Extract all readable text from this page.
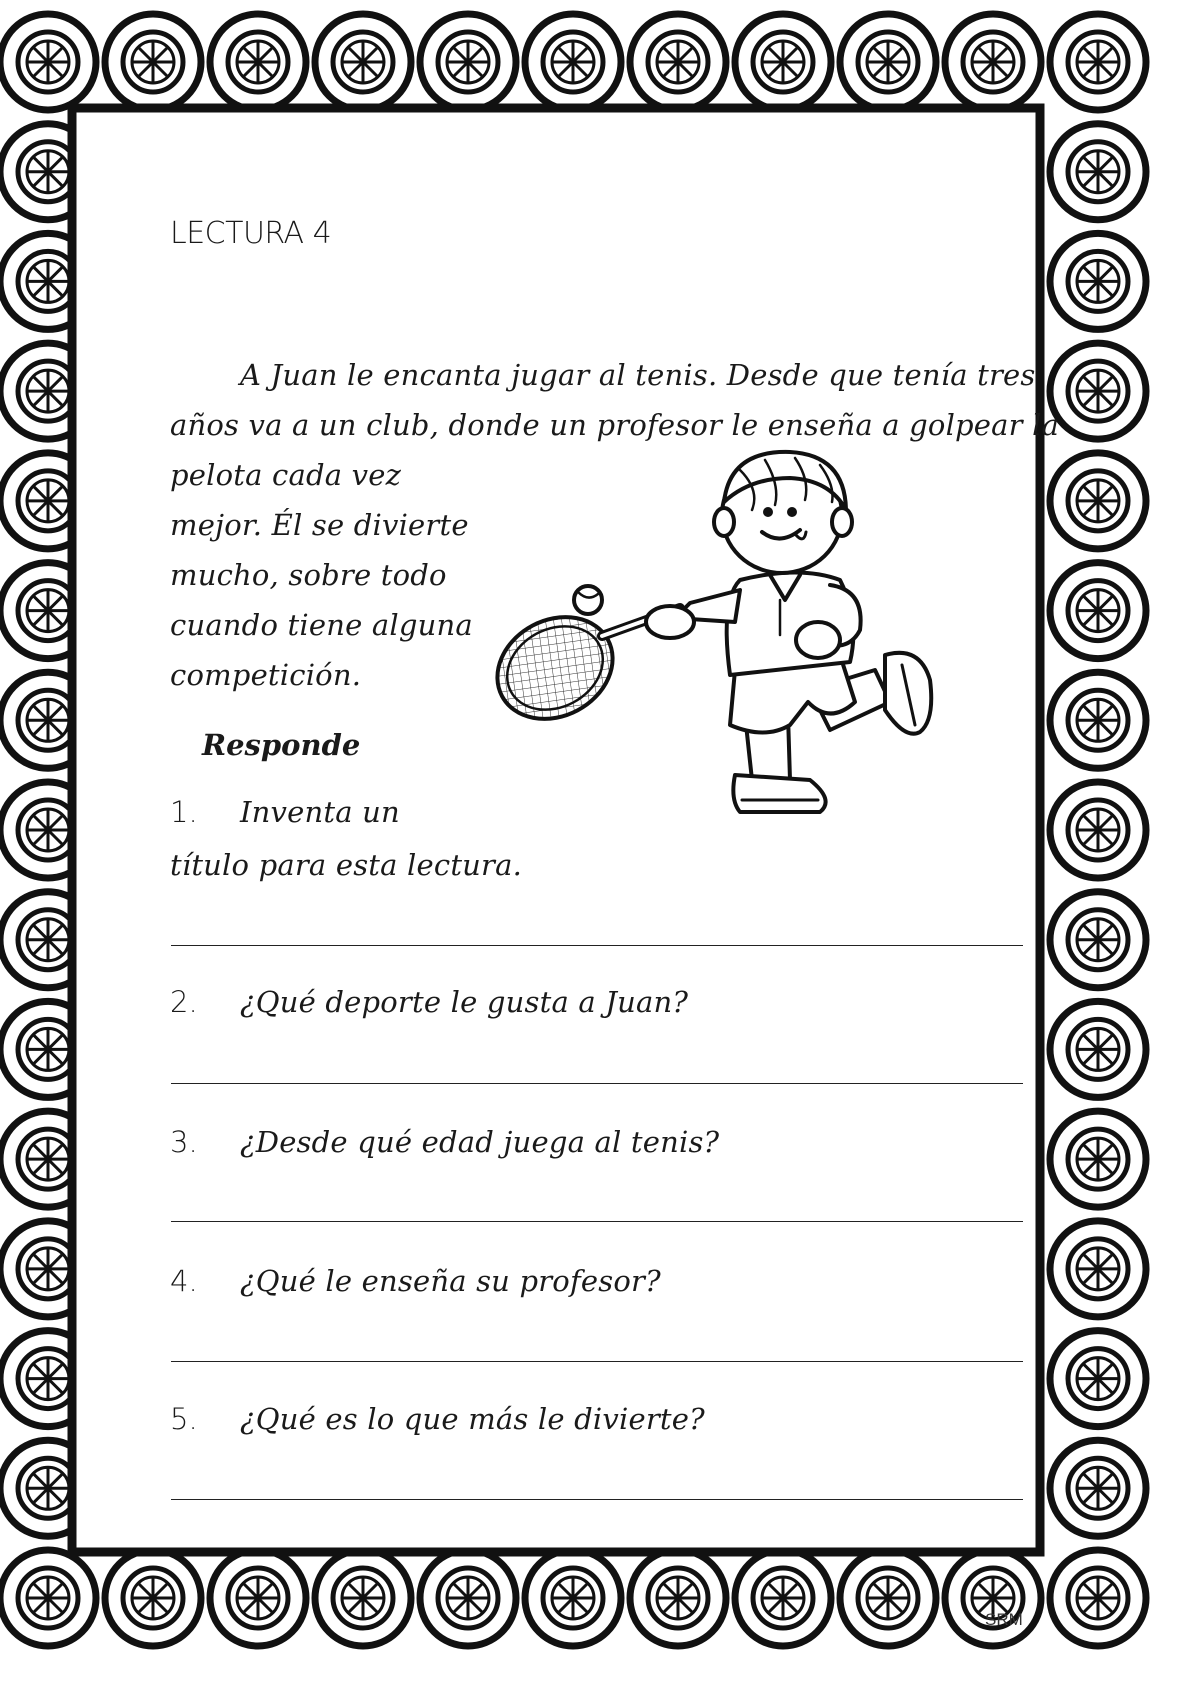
LECTURA 4
A Juan le encanta jugar al tenis. Desde que tenía tres
años va a un club, donde un profesor le enseña a golpear la
pelota cada vez
mejor. Él se divierte
mucho, sobre todo
cuando tiene alguna
competición.
Responde
1. Inventa un
título para esta lectura.
2. ¿Qué deporte le gusta a Juan?
3. ¿Desde qué edad juega al tenis?
4. ¿Qué le enseña su profesor?
5. ¿Qué es lo que más le divierte?
SRM
